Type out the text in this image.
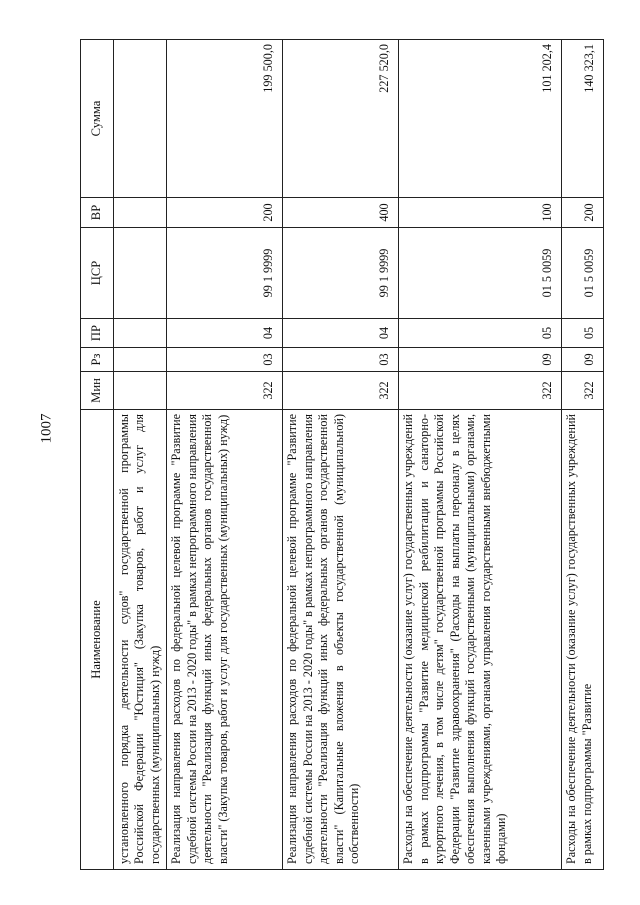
1007
Наименование	Мин	Рз	ПР	ЦСР	ВР	Сумма
установленного порядка деятельности судов" государственной программы Российской Федерации "Юстиция" (Закупка товаров, работ и услуг для государственных (муниципальных) нужд)						
Реализация направления расходов по федеральной целевой программе "Развитие судебной системы России на 2013 - 2020 годы" в рамках непрограммного направления деятельности "Реализация функций иных федеральных органов государственной власти" (Закупка товаров, работ и услуг для государственных (муниципальных) нужд)	322	03	04	99 1 9999	200	199 500,0
Реализация направления расходов по федеральной целевой программе "Развитие судебной системы России на 2013 - 2020 годы" в рамках непрограммного направления деятельности "Реализация функций иных федеральных органов государственной власти" (Капитальные вложения в объекты государственной (муниципальной) собственности)	322	03	04	99 1 9999	400	227 520,0
Расходы на обеспечение деятельности (оказание услуг) государственных учреждений в рамках подпрограммы "Развитие медицинской реабилитации и санаторно-курортного лечения, в том числе детям" государственной программы Российской Федерации "Развитие здравоохранения" (Расходы на выплаты персоналу в целях обеспечения выполнения функций государственными (муниципальными) органами, казенными учреждениями, органами управления государственными внебюджетными фондами)	322	09	05	01 5 0059	100	101 202,4
Расходы на обеспечение деятельности (оказание услуг) государственных учреждений в рамках подпрограммы "Развитие	322	09	05	01 5 0059	200	140 323,1
